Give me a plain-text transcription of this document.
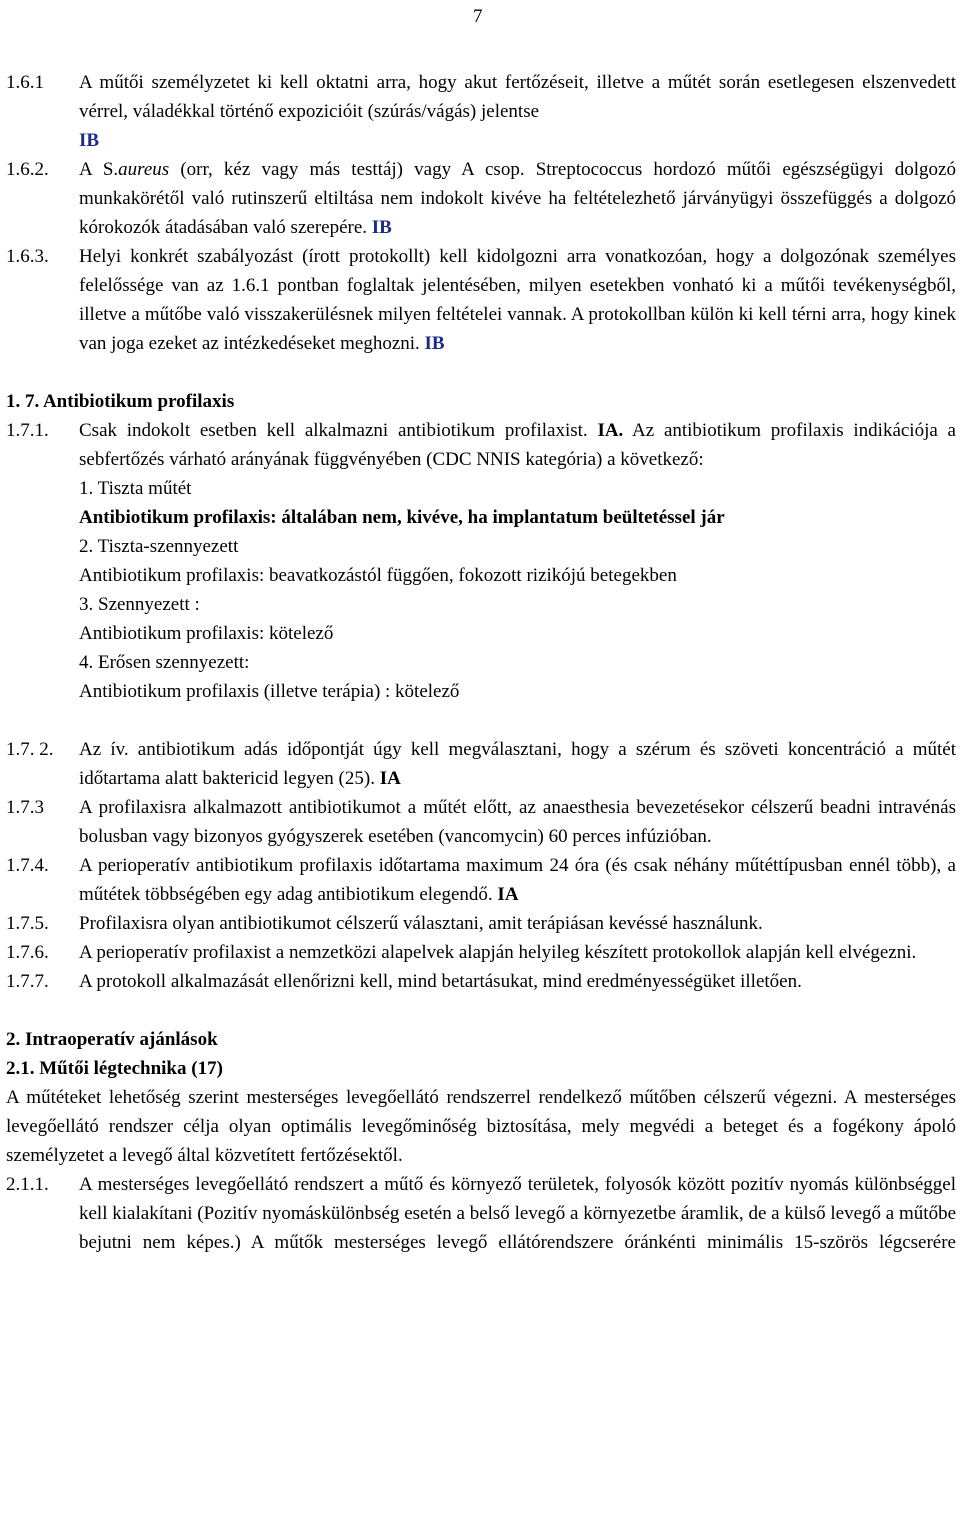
7
1.6.1 A műtői személyzetet ki kell oktatni arra, hogy akut fertőzéseit, illetve a műtét során esetlegesen elszenvedett vérrel, váladékkal történő expozicióit (szúrás/vágás) jelentse
IB
1.6.2. A S.aureus (orr, kéz vagy más testtáj) vagy A csop. Streptococcus hordozó műtői egészségügyi dolgozó munkakörétől való rutinszerű eltiltása nem indokolt kivéve ha feltételezhető járványügyi összefüggés a dolgozó kórokozók átadásában való szerepére. IB
1.6.3. Helyi konkrét szabályozást (írott protokollt) kell kidolgozni arra vonatkozóan, hogy a dolgozónak személyes felelőssége van az 1.6.1 pontban foglaltak jelentésében, milyen esetekben vonható ki a műtői tevékenységből, illetve a műtőbe való visszakerülésnek milyen feltételei vannak. A protokollban külön ki kell térni arra, hogy kinek van joga ezeket az intézkedéseket meghozni. IB
1. 7. Antibiotikum profilaxis
1.7.1. Csak indokolt esetben kell alkalmazni antibiotikum profilaxist. IA. Az antibiotikum profilaxis indikációja a sebfertőzés várható arányának függvényében (CDC NNIS kategória) a következő:
1. Tiszta műtét
Antibiotikum profilaxis: általában nem, kivéve, ha implantatum beültetéssel jár
2. Tiszta-szennyezett
Antibiotikum profilaxis: beavatkozástól függően, fokozott rizikójú betegekben
3. Szennyezett :
Antibiotikum profilaxis: kötelező
4. Erősen szennyezett:
Antibiotikum profilaxis (illetve terápia) : kötelező
1.7. 2. Az ív. antibiotikum adás időpontját úgy kell megválasztani, hogy a szérum és szöveti koncentráció a műtét időtartama alatt baktericid legyen (25). IA
1.7.3 A profilaxisra alkalmazott antibiotikumot a műtét előtt, az anaesthesia bevezetésekor célszerű beadni intravénás bolusban vagy bizonyos gyógyszerek esetében (vancomycin) 60 perces infúzióban.
1.7.4. A perioperatív antibiotikum profilaxis időtartama maximum 24 óra (és csak néhány műtéttípusban ennél több), a műtétek többségében egy adag antibiotikum elegendő. IA
1.7.5. Profilaxisra olyan antibiotikumot célszerű választani, amit terápiásan kevéssé használunk.
1.7.6. A perioperatív profilaxist a nemzetközi alapelvek alapján helyileg készített protokollok alapján kell elvégezni.
1.7.7. A protokoll alkalmazását ellenőrizni kell, mind betartásukat, mind eredményességüket illetően.
2. Intraoperatív ajánlások
2.1. Műtői légtechnika (17)
A műtéteket lehetőség szerint mesterséges levegőellátó rendszerrel rendelkező műtőben célszerű végezni. A mesterséges levegőellátó rendszer célja olyan optimális levegőminőség biztosítása, mely megvédi a beteget és a fogékony ápoló személyzetet a levegő által közvetített fertőzésektől.
2.1.1. A mesterséges levegőellátó rendszert a műtő és környező területek, folyosók között pozitív nyomás különbséggel kell kialakítani (Pozitív nyomáskülönbség esetén a belső levegő a környezetbe áramlik, de a külső levegő a műtőbe bejutni nem képes.) A műtők mesterséges levegő ellátórendszere óránkénti minimális 15-szörös légcserére
